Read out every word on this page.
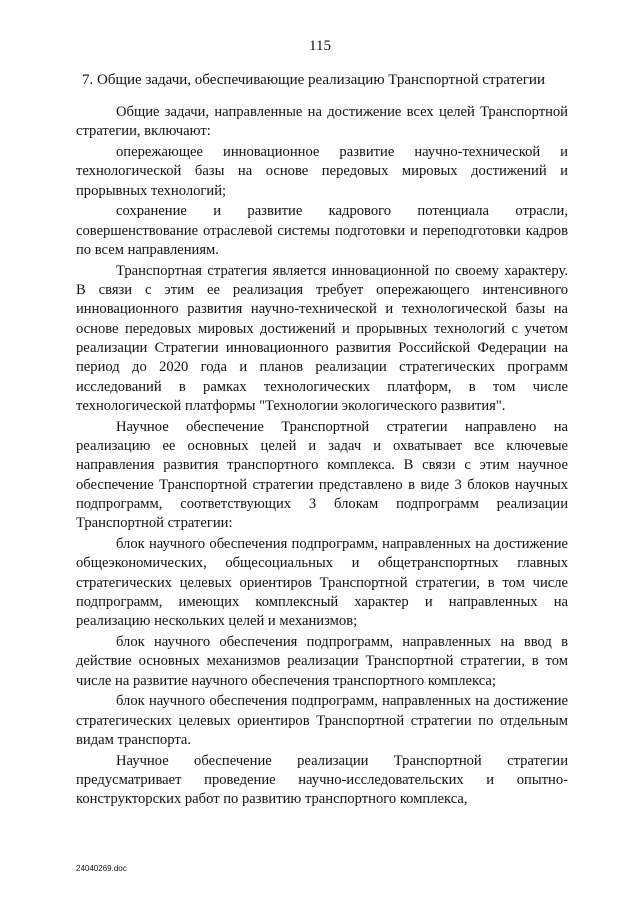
115
7. Общие задачи, обеспечивающие реализацию Транспортной стратегии

Общие задачи, направленные на достижение всех целей Транспортной стратегии, включают:

опережающее инновационное развитие научно-технической и технологической базы на основе передовых мировых достижений и прорывных технологий;

сохранение и развитие кадрового потенциала отрасли, совершенствование отраслевой системы подготовки и переподготовки кадров по всем направлениям.

Транспортная стратегия является инновационной по своему характеру. В связи с этим ее реализация требует опережающего интенсивного инновационного развития научно-технической и технологической базы на основе передовых мировых достижений и прорывных технологий с учетом реализации Стратегии инновационного развития Российской Федерации на период до 2020 года и планов реализации стратегических программ исследований в рамках технологических платформ, в том числе технологической платформы "Технологии экологического развития".

Научное обеспечение Транспортной стратегии направлено на реализацию ее основных целей и задач и охватывает все ключевые направления развития транспортного комплекса. В связи с этим научное обеспечение Транспортной стратегии представлено в виде 3 блоков научных подпрограмм, соответствующих 3 блокам подпрограмм реализации Транспортной стратегии:

блок научного обеспечения подпрограмм, направленных на достижение общеэкономических, общесоциальных и общетранспортных главных стратегических целевых ориентиров Транспортной стратегии, в том числе подпрограмм, имеющих комплексный характер и направленных на реализацию нескольких целей и механизмов;

блок научного обеспечения подпрограмм, направленных на ввод в действие основных механизмов реализации Транспортной стратегии, в том числе на развитие научного обеспечения транспортного комплекса;

блок научного обеспечения подпрограмм, направленных на достижение стратегических целевых ориентиров Транспортной стратегии по отдельным видам транспорта.

Научное обеспечение реализации Транспортной стратегии предусматривает проведение научно-исследовательских и опытно-конструкторских работ по развитию транспортного комплекса,

24040269.doc
